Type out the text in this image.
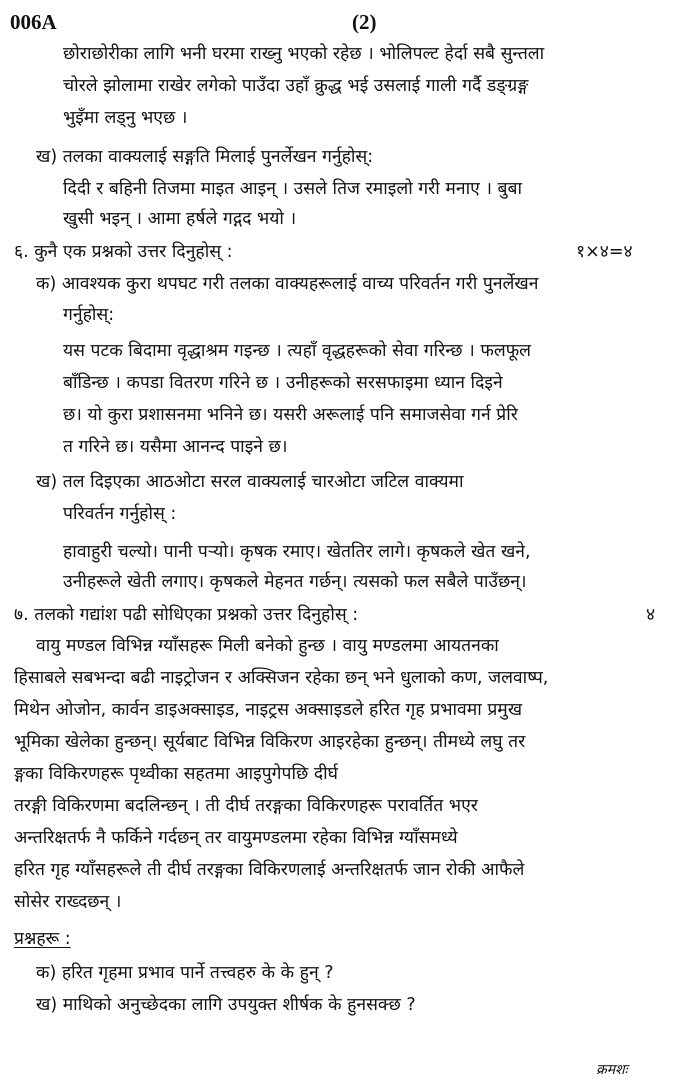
006A	(2)
छोराछोरीका लागि भनी घरमा राख्नु भएको रहेछ । भोलिपल्ट हेर्दा सबै सुन्तला
चोरले झोलामा राखेर लगेको पाउँदा उहाँ क्रुद्ध भई उसलाई गाली गर्दै डङ्ग्रङ्ग
भुइँमा लड्नु भएछ ।
ख) तलका वाक्यलाई सङ्गति मिलाई पुनर्लेखन गर्नुहोस्:
दिदी र बहिनी तिजमा माइत आइन् । उसले तिज रमाइलो गरी मनाए । बुबा
खुसी भइन् । आमा हर्षले गद्गद भयो ।
६. कुनै एक प्रश्नको उत्तर दिनुहोस् :	१×४=४
क) आवश्यक कुरा थपघट गरी तलका वाक्यहरूलाई वाच्य परिवर्तन गरी पुनर्लेखन
गर्नुहोस्:
यस पटक बिदामा वृद्धाश्रम गइन्छ । त्यहाँ वृद्धहरूको सेवा गरिन्छ । फलफूल
बाँडिन्छ । कपडा वितरण गरिने छ । उनीहरूको सरसफाइमा ध्यान दिइने
छ। यो कुरा प्रशासनमा भनिने छ। यसरी अरूलाई पनि समाजसेवा गर्न प्रेरि
त गरिने छ। यसैमा आनन्द पाइने छ।
ख) तल दिइएका आठओटा सरल वाक्यलाई चारओटा जटिल वाक्यमा
परिवर्तन गर्नुहोस् :
हावाहुरी चल्यो। पानी पर्‍यो। कृषक रमाए। खेततिर लागे। कृषकले खेत खने,
उनीहरूले खेती लगाए। कृषकले मेहनत गर्छन्। त्यसको फल सबैले पाउँछन्।
७. तलको गद्यांश पढी सोधिएका प्रश्नको उत्तर दिनुहोस् :	४
वायु मण्डल विभिन्न ग्याँसहरू मिली बनेको हुन्छ । वायु मण्डलमा आयतनका
हिसाबले सबभन्दा बढी नाइट्रोजन र अक्सिजन रहेका छन् भने धुलाको कण, जलवाष्प,
मिथेन ओजोन, कार्वन डाइअक्साइड, नाइट्रस अक्साइडले हरित गृह प्रभावमा प्रमुख
भूमिका खेलेका हुन्छन्। सूर्यबाट विभिन्न विकिरण आइरहेका हुन्छन्। तीमध्ये लघु तर
ङ्गका विकिरणहरू पृथ्वीका सहतमा आइपुगेपछि दीर्घ
तरङ्गी विकिरणमा बदलिन्छन् । ती दीर्घ तरङ्गका विकिरणहरू परावर्तित भएर
अन्तरिक्षतर्फ नै फर्किने गर्दछन् तर वायुमण्डलमा रहेका विभिन्न ग्याँसमध्ये
हरित गृह ग्याँसहरूले ती दीर्घ तरङ्गका विकिरणलाई अन्तरिक्षतर्फ जान रोकी आफैले
सोसेर राख्दछन् ।
प्रश्नहरू :
क) हरित गृहमा प्रभाव पार्ने तत्त्वहरु के के हुन् ?
ख) माथिको अनुच्छेदका लागि उपयुक्त शीर्षक के हुनसक्छ ?
क्रमशः
